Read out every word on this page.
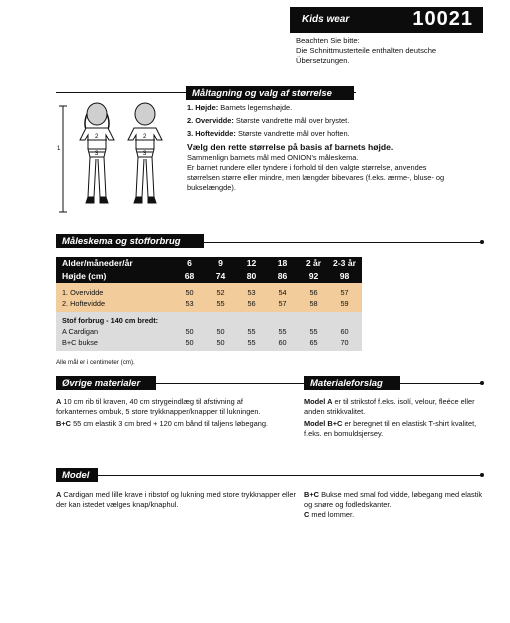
Kids wear	10021
Beachten Sie bitte:
Die Schnittmusterteile enthalten deutsche
Übersetzungen.
Måltagning og valg af størrelse
1
2
3
2
3

1. Højde: Barnets legemshøjde.

2. Overvidde: Største vandrette mål over brystet.

3. Hoftevidde: Største vandrette mål over hoften.

Vælg den rette størrelse på basis af barnets højde.

Sammenlign barnets mål med ONION's måleskema.

Er barnet rundere eller tyndere i forhold til den valgte størrelse, anvendes størrelsen større eller mindre, men længder bibevares (f.eks. ærme-, bluse- og bukselængde).

Måleskema og stofforbrug
Alder/måneder/år	6	9	12	18	2 år	2-3 år
Højde (cm)	68	74	80	86	92	98
1. Overvidde	50	52	53	54	56	57
2. Hoftevidde	53	55	56	57	58	59
Stof forbrug - 140 cm bredt:
A Cardigan	50	50	55	55	55	60
B+C bukse	50	50	55	60	65	70
Alle mål er i centimeter (cm).
Øvrige materialer

A 10 cm rib til kraven, 40 cm strygeindlæg til afstivning af forkanternes ombuk, 5 store trykknapper/knapper til lukningen.

B+C 55 cm elastik 3 cm bred + 120 cm bånd til taljens løbegang.

Materialeforslag

Model A er til strikstof f.eks. isolí, velour, fleéce eller anden strikkvalitet.

Model B+C er beregnet til en elastisk T-shirt kvalitet, f.eks. en bomuldsjersey.

Model

A Cardigan med lille krave i ribstof og lukning med store trykknapper eller der kan istedet vælges knap/knaphul.

B+C Bukse med smal fod vidde, løbegang med elastik og snøre og fodledskanter.

C med lommer.
